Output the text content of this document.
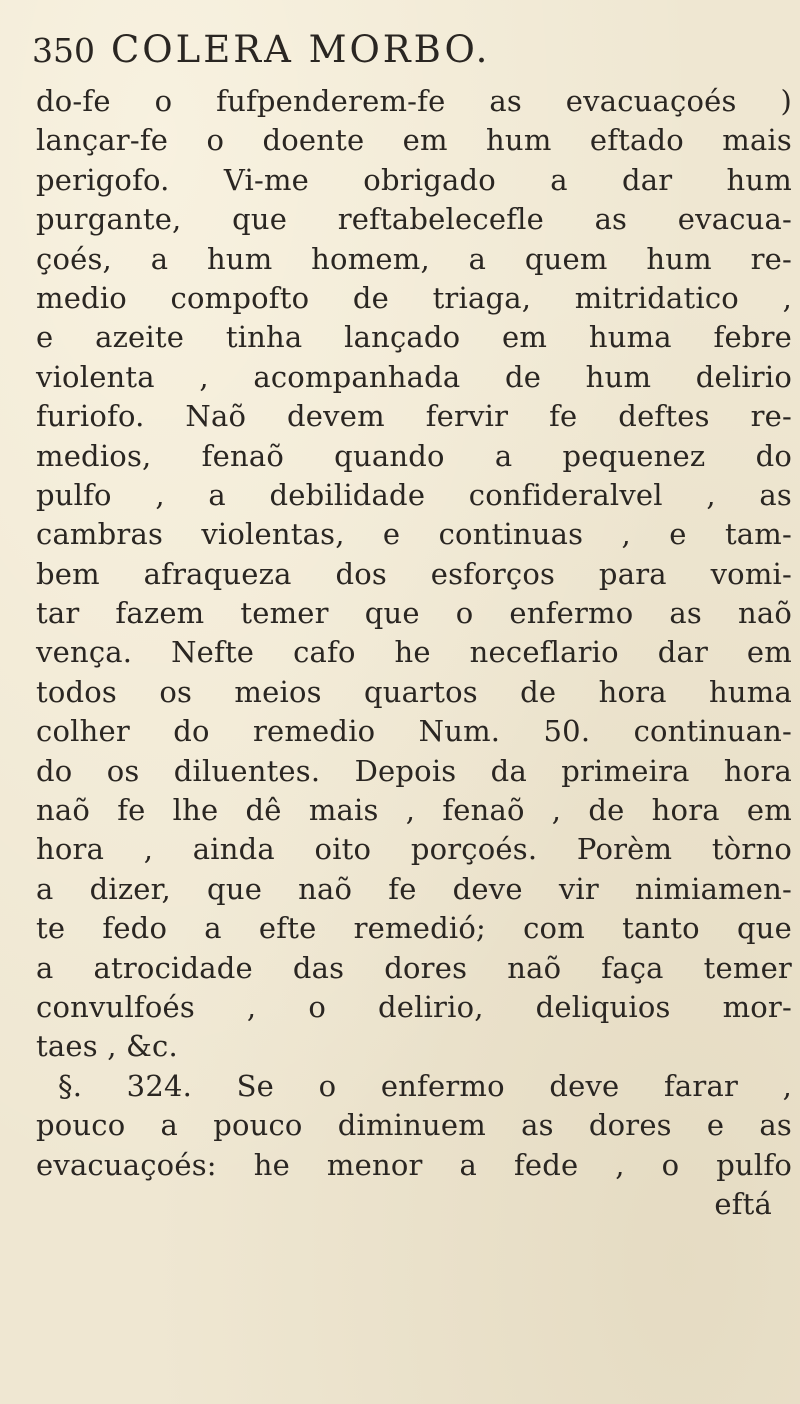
350 COLERA MORBO.
do-fe o fufpenderem-fe as evacuaçoés )
lançar-fe o doente em hum eftado mais
perigofo. Vi-me obrigado a dar hum
purgante, que reftabelecefle as evacua-
çoés, a hum homem, a quem hum re-
medio compofto de triaga, mitridatico ,
e azeite tinha lançado em huma febre
violenta , acompanhada de hum delirio
furiofo. Naõ devem fervir fe deftes re-
medios, fenaõ quando a pequenez do
pulfo , a debilidade confideralvel , as
cambras violentas, e continuas , e tam-
bem afraqueza dos esforços para vomi-
tar fazem temer que o enfermo as naõ
vença. Nefte cafo he neceflario dar em
todos os meios quartos de hora huma
colher do remedio Num. 50. continuan-
do os diluentes. Depois da primeira hora
naõ fe lhe dê mais , fenaõ , de hora em
hora , ainda oito porçoés. Porèm tòrno
a dizer, que naõ fe deve vir nimiamen-
te fedo a efte remedió; com tanto que
a atrocidade das dores naõ faça temer
convulfoés , o delirio, deliquios mor-
taes , &c.
§. 324. Se o enfermo deve farar ,
pouco a pouco diminuem as dores e as
evacuaçoés: he menor a fede , o pulfo
eftá
